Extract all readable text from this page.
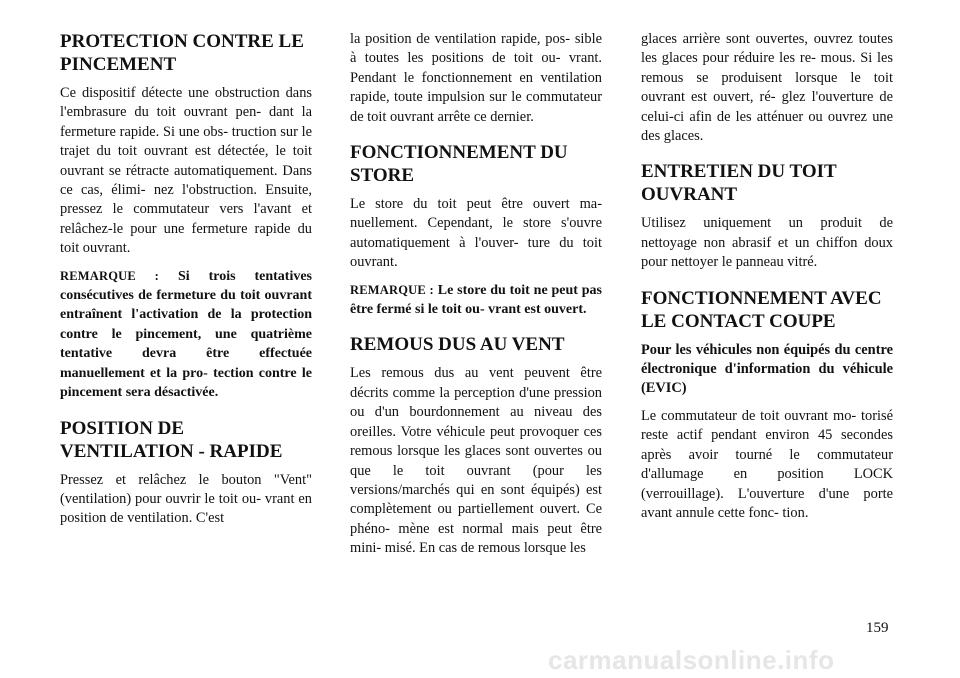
PROTECTION CONTRE LE PINCEMENT

Ce dispositif détecte une obstruction dans l'embrasure du toit ouvrant pen- dant la fermeture rapide. Si une obs- truction sur le trajet du toit ouvrant est détectée, le toit ouvrant se rétracte automatiquement. Dans ce cas, élimi- nez l'obstruction. Ensuite, pressez le commutateur vers l'avant et relâchez-le pour une fermeture rapide du toit ouvrant.

REMARQUE : Si trois tentatives consécutives de fermeture du toit ouvrant entraînent l'activation de la protection contre le pincement, une quatrième tentative devra être effectuée manuellement et la pro- tection contre le pincement sera désactivée.

POSITION DE VENTILATION - RAPIDE

Pressez et relâchez le bouton "Vent" (ventilation) pour ouvrir le toit ou- vrant en position de ventilation. C'est

la position de ventilation rapide, pos- sible à toutes les positions de toit ou- vrant. Pendant le fonctionnement en ventilation rapide, toute impulsion sur le commutateur de toit ouvrant arrête ce dernier.

FONCTIONNEMENT DU STORE

Le store du toit peut être ouvert ma- nuellement. Cependant, le store s'ouvre automatiquement à l'ouver- ture du toit ouvrant.

REMARQUE : Le store du toit ne peut pas être fermé si le toit ou- vrant est ouvert.

REMOUS DUS AU VENT

Les remous dus au vent peuvent être décrits comme la perception d'une pression ou d'un bourdonnement au niveau des oreilles. Votre véhicule peut provoquer ces remous lorsque les glaces sont ouvertes ou que le toit ouvrant (pour les versions/marchés qui en sont équipés) est complètement ou partiellement ouvert. Ce phéno- mène est normal mais peut être mini- misé. En cas de remous lorsque les

glaces arrière sont ouvertes, ouvrez toutes les glaces pour réduire les re- mous. Si les remous se produisent lorsque le toit ouvrant est ouvert, ré- glez l'ouverture de celui-ci afin de les atténuer ou ouvrez une des glaces.

ENTRETIEN DU TOIT OUVRANT

Utilisez uniquement un produit de nettoyage non abrasif et un chiffon doux pour nettoyer le panneau vitré.

FONCTIONNEMENT AVEC LE CONTACT COUPE

Pour les véhicules non équipés du centre électronique d'information du véhicule (EVIC)

Le commutateur de toit ouvrant mo- torisé reste actif pendant environ 45 secondes après avoir tourné le commutateur d'allumage en position LOCK (verrouillage). L'ouverture d'une porte avant annule cette fonc- tion.

159
carmanualsonline.info
